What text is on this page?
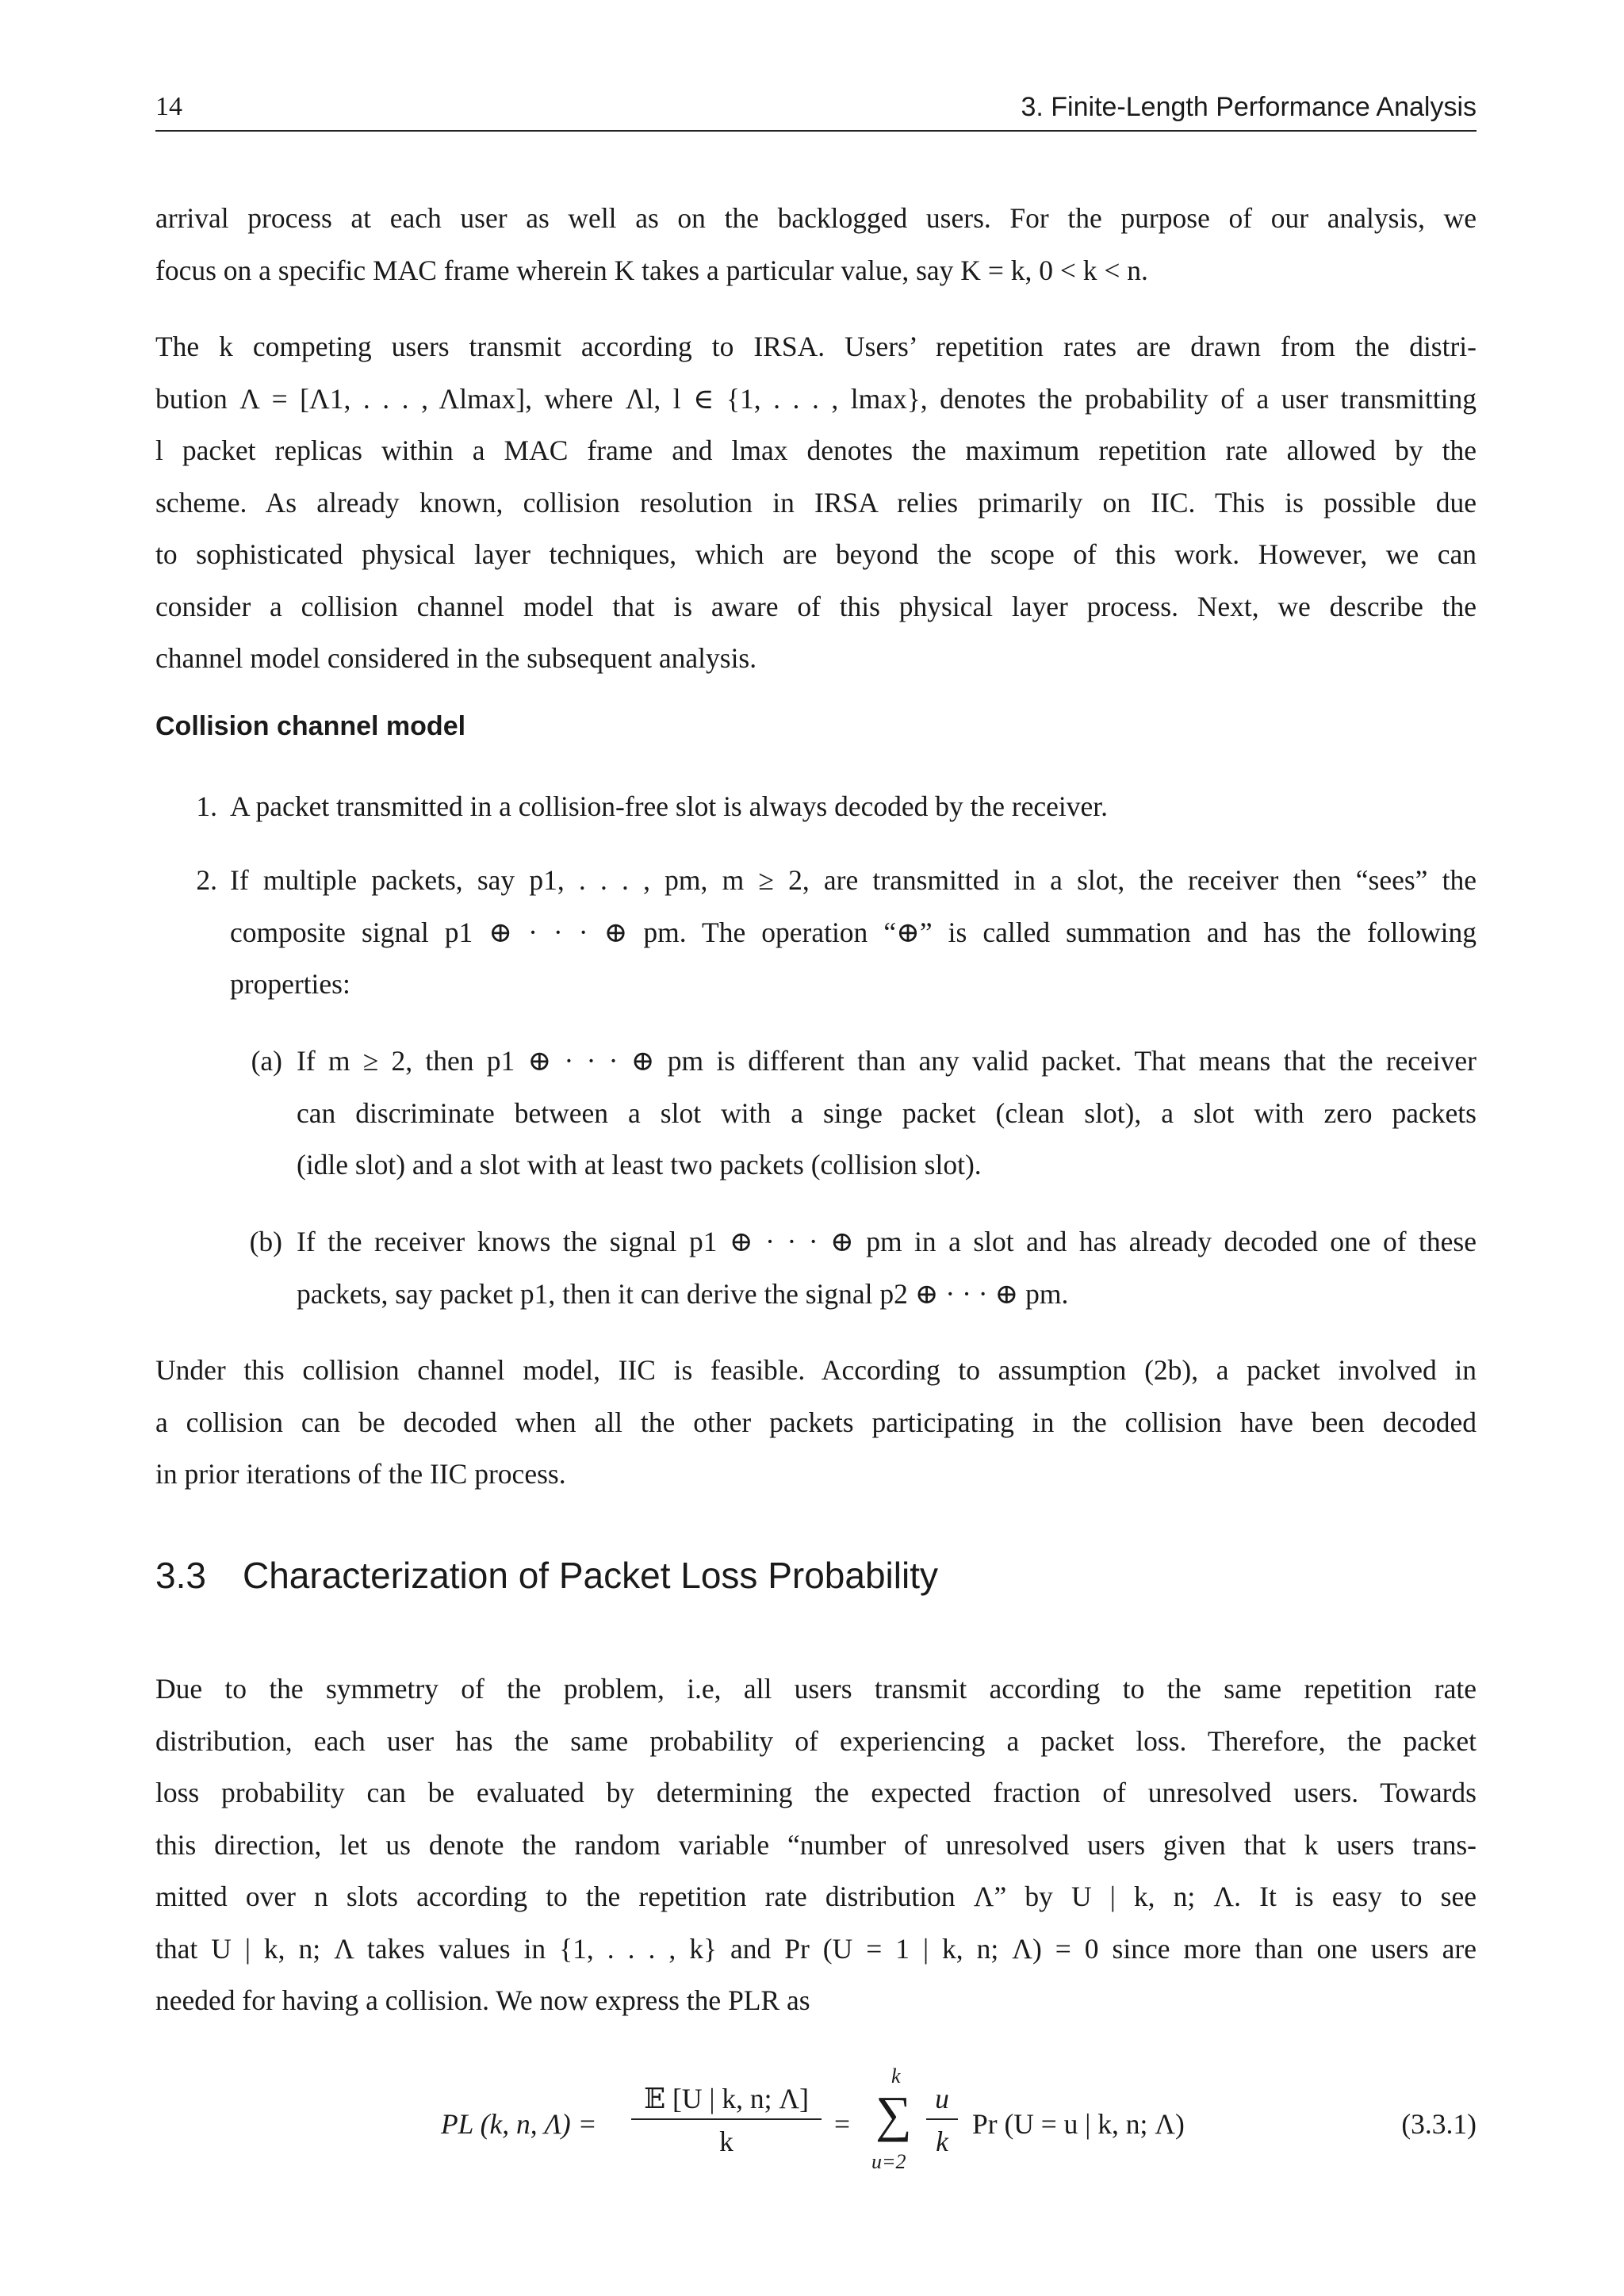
14	3. Finite-Length Performance Analysis
arrival process at each user as well as on the backlogged users. For the purpose of our analysis, we
focus on a specific MAC frame wherein K takes a particular value, say K = k, 0 < k < n.
The k competing users transmit according to IRSA. Users’ repetition rates are drawn from the distri-
bution Λ = [Λ1, . . . , Λlmax], where Λl, l ∈ {1, . . . , lmax}, denotes the probability of a user transmitting
l packet replicas within a MAC frame and lmax denotes the maximum repetition rate allowed by the
scheme. As already known, collision resolution in IRSA relies primarily on IIC. This is possible due
to sophisticated physical layer techniques, which are beyond the scope of this work. However, we can
consider a collision channel model that is aware of this physical layer process. Next, we describe the
channel model considered in the subsequent analysis.
Collision channel model
1. A packet transmitted in a collision-free slot is always decoded by the receiver.
2. If multiple packets, say p1, . . . , pm, m ≥ 2, are transmitted in a slot, the receiver then “sees” the
composite signal p1 ⊕ · · · ⊕ pm. The operation “⊕” is called summation and has the following
properties:
(a) If m ≥ 2, then p1 ⊕ · · · ⊕ pm is different than any valid packet. That means that the receiver
can discriminate between a slot with a singe packet (clean slot), a slot with zero packets
(idle slot) and a slot with at least two packets (collision slot).
(b) If the receiver knows the signal p1 ⊕ · · · ⊕ pm in a slot and has already decoded one of these
packets, say packet p1, then it can derive the signal p2 ⊕ · · · ⊕ pm.
Under this collision channel model, IIC is feasible. According to assumption (2b), a packet involved in
a collision can be decoded when all the other packets participating in the collision have been decoded
in prior iterations of the IIC process.
3.3 Characterization of Packet Loss Probability
Due to the symmetry of the problem, i.e, all users transmit according to the same repetition rate
distribution, each user has the same probability of experiencing a packet loss. Therefore, the packet
loss probability can be evaluated by determining the expected fraction of unresolved users. Towards
this direction, let us denote the random variable “number of unresolved users given that k users trans-
mitted over n slots according to the repetition rate distribution Λ” by U | k, n; Λ. It is easy to see
that U | k, n; Λ takes values in {1, . . . , k} and Pr (U = 1 | k, n; Λ) = 0 since more than one users are
needed for having a collision. We now express the PLR as
PL (k, n, Λ) =
𝔼 [U | k, n; Λ]
k
=
k
∑
u=2
$\frac{u}{k}$ Pr (U = u | k, n; Λ)	(3.3.1)
